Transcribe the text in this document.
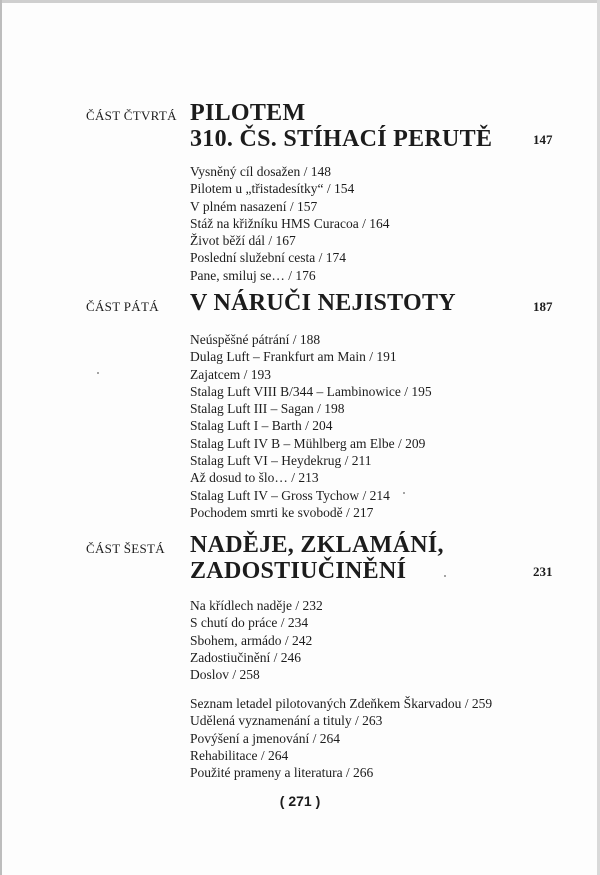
ČÁST ČTVRTÁ PILOTEM
310. ČS. STÍHACÍ PERUTĚ	147
Vysněný cíl dosažen / 148
Pilotem u „třistadesítky“ / 154
V plném nasazení / 157
Stáž na křižníku HMS Curacoa / 164
Život běží dál / 167
Poslední služební cesta / 174
Pane, smiluj se… / 176
ČÁST PÁTÁ V NÁRUČI NEJISTOTY	187
Neúspěšné pátrání / 188
Dulag Luft – Frankfurt am Main / 191
Zajatcem / 193
Stalag Luft VIII B/344 – Lambinowice / 195
Stalag Luft III – Sagan / 198
Stalag Luft I – Barth / 204
Stalag Luft IV B – Mühlberg am Elbe / 209
Stalag Luft VI – Heydekrug / 211
Až dosud to šlo… / 213
Stalag Luft IV – Gross Tychow / 214
Pochodem smrti ke svobodě / 217
ČÁST ŠESTÁ NADĚJE, ZKLAMÁNÍ,
ZADOSTIUČINĚNÍ	231
Na křídlech naděje / 232
S chutí do práce / 234
Sbohem, armádo / 242
Zadostiučinění / 246
Doslov / 258
Seznam letadel pilotovaných Zdeňkem Škarvadou / 259
Udělená vyznamenání a tituly / 263
Povýšení a jmenování / 264
Rehabilitace / 264
Použité prameny a literatura / 266
( 271 )
